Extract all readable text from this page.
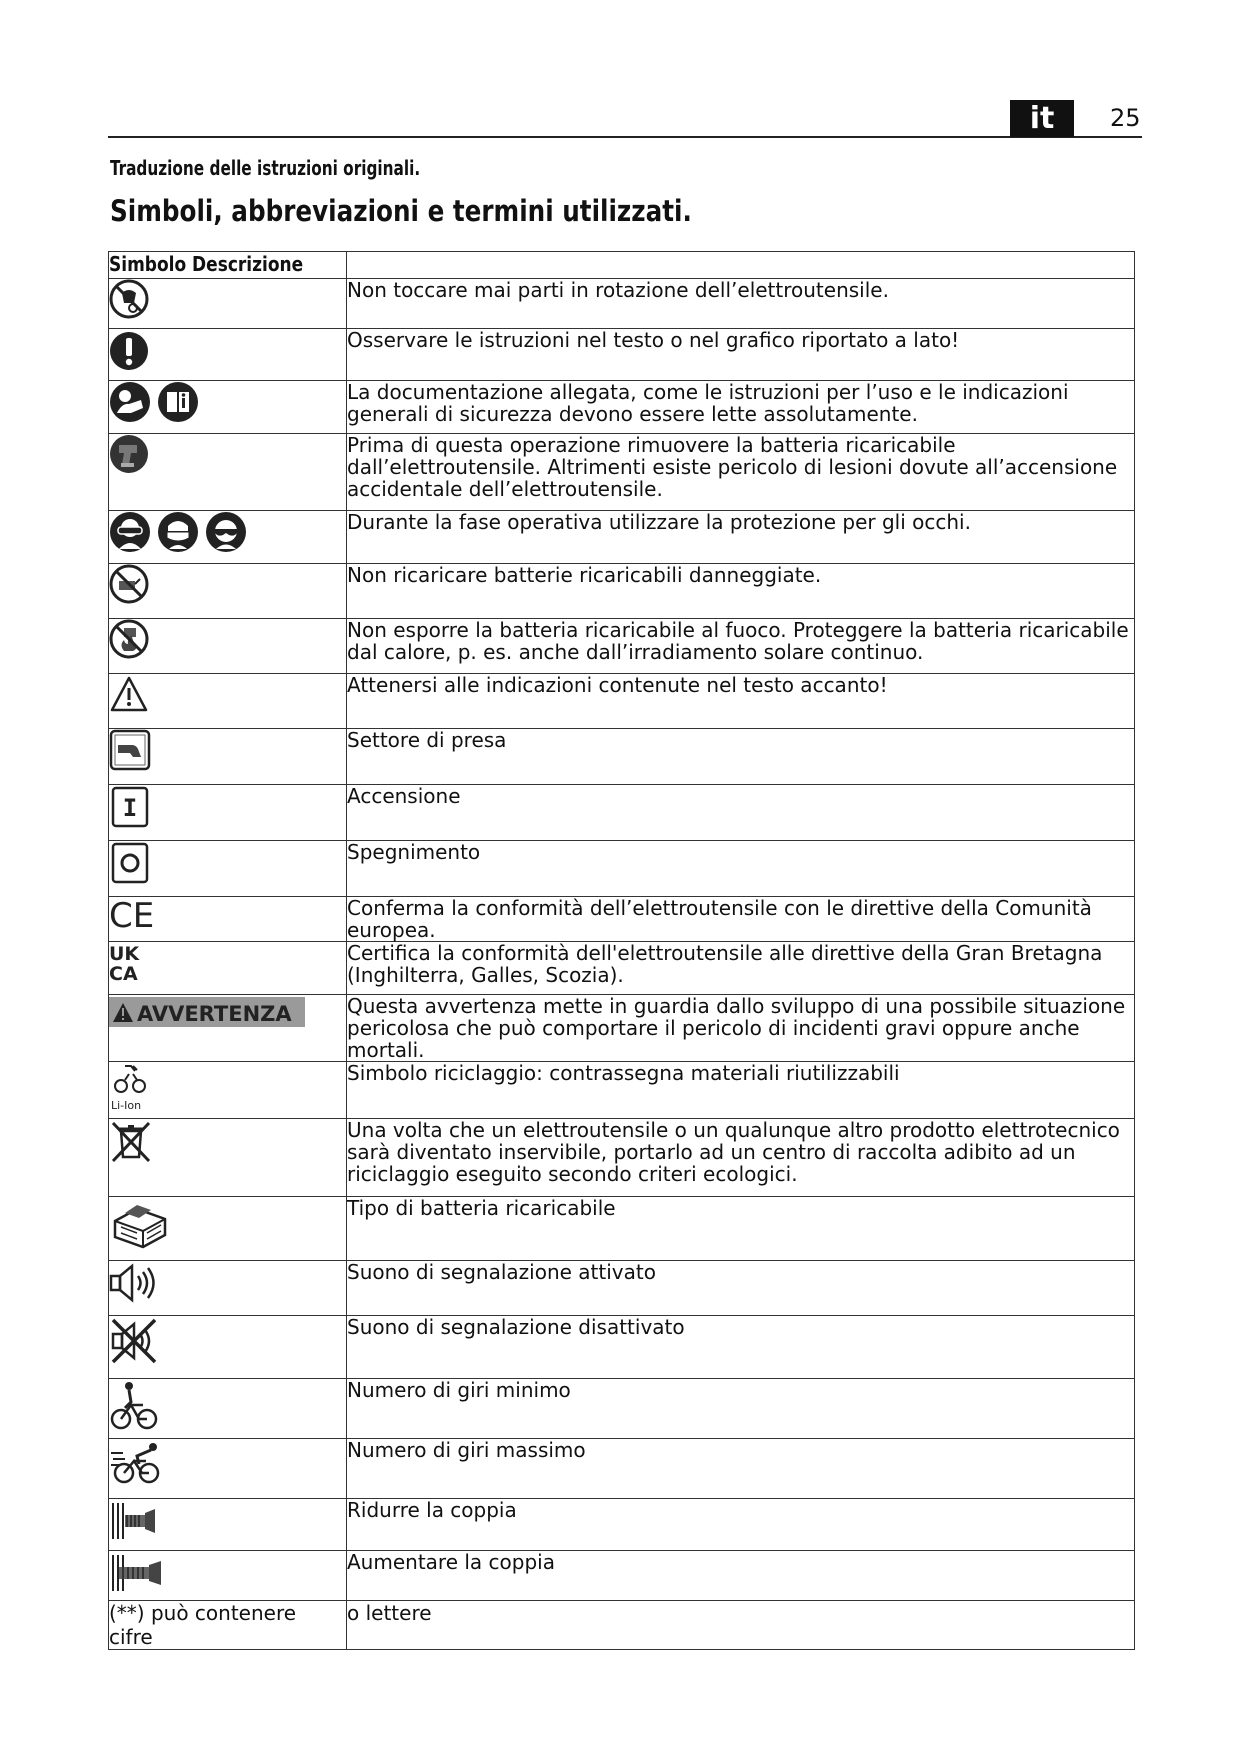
it	25
Traduzione delle istruzioni originali.
Simboli, abbreviazioni e termini utilizzati.
Simbolo Descrizione	

	Non toccare mai parti in rotazione dell’elettroutensile.

	Osservare le istruzioni nel testo o nel grafico riportato a lato!

	La documentazione allegata, come le istruzioni per l’uso e le indicazioni generali di sicurezza devono essere lette assolutamente.

	Prima di questa operazione rimuovere la batteria ricaricabile dall’elettroutensile. Altrimenti esiste pericolo di lesioni dovute all’accensione accidentale dell’elettroutensile.

	Durante la fase operativa utilizzare la protezione per gli occhi.

	Non ricaricare batterie ricaricabili danneggiate.

	Non esporre la batteria ricaricabile al fuoco. Proteggere la batteria ricaricabile dal calore, p. es. anche dall’irradiamento solare continuo.

	Attenersi alle indicazioni contenute nel testo accanto!

	Settore di presa

I	Accensione

	Spegnimento

CE	Conferma la conformità dell’elettroutensile con le direttive della Comunità europea.

UK
CA	Certifica la conformità dell'elettroutensile alle direttive della Gran Bretagna (Inghilterra, Galles, Scozia).

AVVERTENZA	Questa avvertenza mette in guardia dallo sviluppo di una possibile situazione pericolosa che può comportare il pericolo di incidenti gravi oppure anche mortali.

Li-Ion	Simbolo riciclaggio: contrassegna materiali riutilizzabili

	Una volta che un elettroutensile o un qualunque altro prodotto elettrotecnico sarà diventato inservibile, portarlo ad un centro di raccolta adibito ad un riciclaggio eseguito secondo criteri ecologici.

	Tipo di batteria ricaricabile

	Suono di segnalazione attivato

	Suono di segnalazione disattivato

	Numero di giri minimo

	Numero di giri massimo

	Ridurre la coppia

	Aumentare la coppia
(**) può contenere cifre	o lettere
